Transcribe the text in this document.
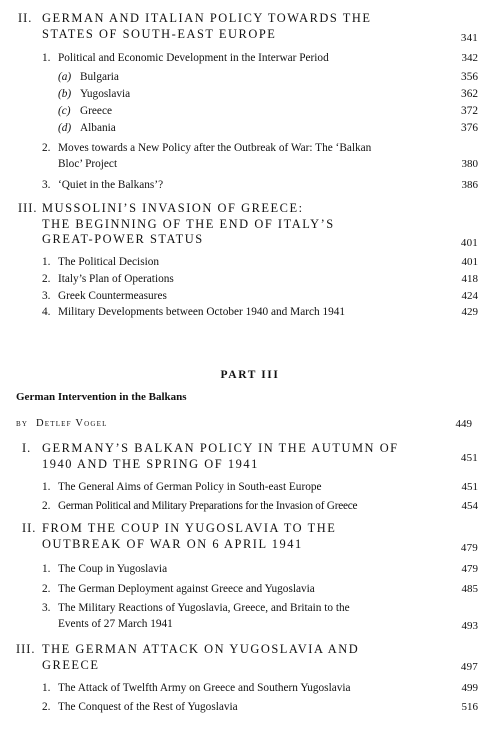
II. GERMAN AND ITALIAN POLICY TOWARDS THE
STATES OF SOUTH-EAST EUROPE	341
1. Political and Economic Development in the Interwar Period	342
(a) Bulgaria	356
(b) Yugoslavia	362
(c) Greece	372
(d) Albania	376
2. Moves towards a New Policy after the Outbreak of War: The ‘Balkan
Bloc’ Project	380
3. ‘Quiet in the Balkans’?	386
III. MUSSOLINI’S INVASION OF GREECE:
THE BEGINNING OF THE END OF ITALY’S
GREAT-POWER STATUS	401
1. The Political Decision	401
2. Italy’s Plan of Operations	418
3. Greek Countermeasures	424
4. Military Developments between October 1940 and March 1941	429
PART III
German Intervention in the Balkans
by Detlef Vogel	449
I. GERMANY’S BALKAN POLICY IN THE AUTUMN OF
1940 AND THE SPRING OF 1941	451
1. The General Aims of German Policy in South-east Europe	451
2. German Political and Military Preparations for the Invasion of Greece	454
II. FROM THE COUP IN YUGOSLAVIA TO THE
OUTBREAK OF WAR ON 6 APRIL 1941	479
1. The Coup in Yugoslavia	479
2. The German Deployment against Greece and Yugoslavia	485
3. The Military Reactions of Yugoslavia, Greece, and Britain to the
Events of 27 March 1941	493
III. THE GERMAN ATTACK ON YUGOSLAVIA AND
GREECE	497
1. The Attack of Twelfth Army on Greece and Southern Yugoslavia	499
2. The Conquest of the Rest of Yugoslavia	516
